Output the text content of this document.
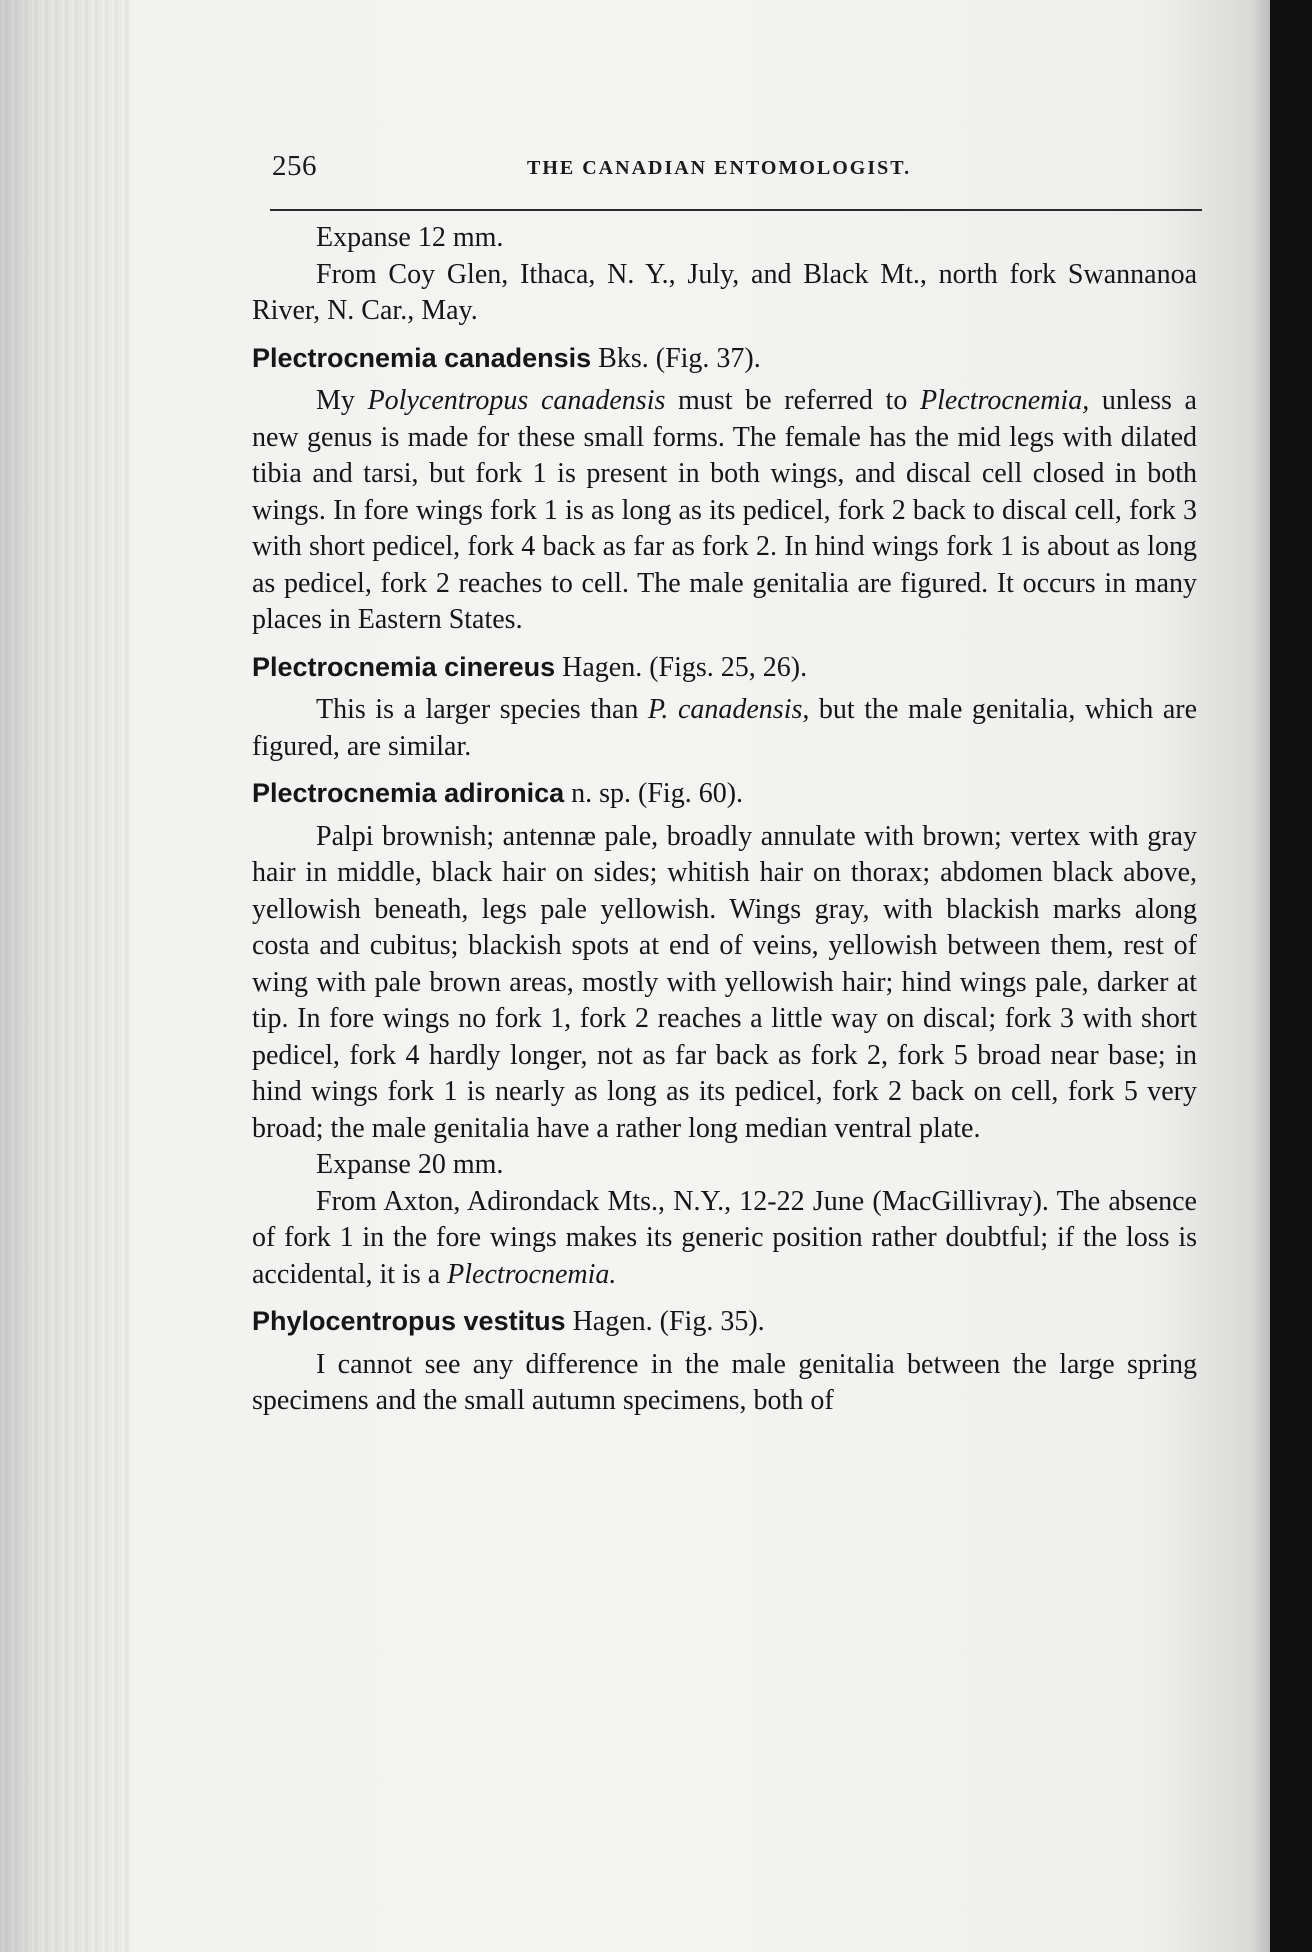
256	THE CANADIAN ENTOMOLOGIST.

Expanse 12 mm.

From Coy Glen, Ithaca, N. Y., July, and Black Mt., north fork Swannanoa River, N. Car., May.

Plectrocnemia canadensis Bks. (Fig. 37).

My Polycentropus canadensis must be referred to Plectrocnemia, unless a new genus is made for these small forms. The female has the mid legs with dilated tibia and tarsi, but fork 1 is present in both wings, and discal cell closed in both wings. In fore wings fork 1 is as long as its pedicel, fork 2 back to discal cell, fork 3 with short pedicel, fork 4 back as far as fork 2. In hind wings fork 1 is about as long as pedicel, fork 2 reaches to cell. The male genitalia are figured. It occurs in many places in Eastern States.

Plectrocnemia cinereus Hagen. (Figs. 25, 26).

This is a larger species than P. canadensis, but the male genitalia, which are figured, are similar.

Plectrocnemia adironica n. sp. (Fig. 60).

Palpi brownish; antennæ pale, broadly annulate with brown; vertex with gray hair in middle, black hair on sides; whitish hair on thorax; abdomen black above, yellowish beneath, legs pale yellowish. Wings gray, with blackish marks along costa and cubitus; blackish spots at end of veins, yellowish between them, rest of wing with pale brown areas, mostly with yellowish hair; hind wings pale, darker at tip. In fore wings no fork 1, fork 2 reaches a little way on discal; fork 3 with short pedicel, fork 4 hardly longer, not as far back as fork 2, fork 5 broad near base; in hind wings fork 1 is nearly as long as its pedicel, fork 2 back on cell, fork 5 very broad; the male genitalia have a rather long median ventral plate.

Expanse 20 mm.

From Axton, Adirondack Mts., N.Y., 12-22 June (MacGillivray). The absence of fork 1 in the fore wings makes its generic position rather doubtful; if the loss is accidental, it is a Plectrocnemia.

Phylocentropus vestitus Hagen. (Fig. 35).

I cannot see any difference in the male genitalia between the large spring specimens and the small autumn specimens, both of
